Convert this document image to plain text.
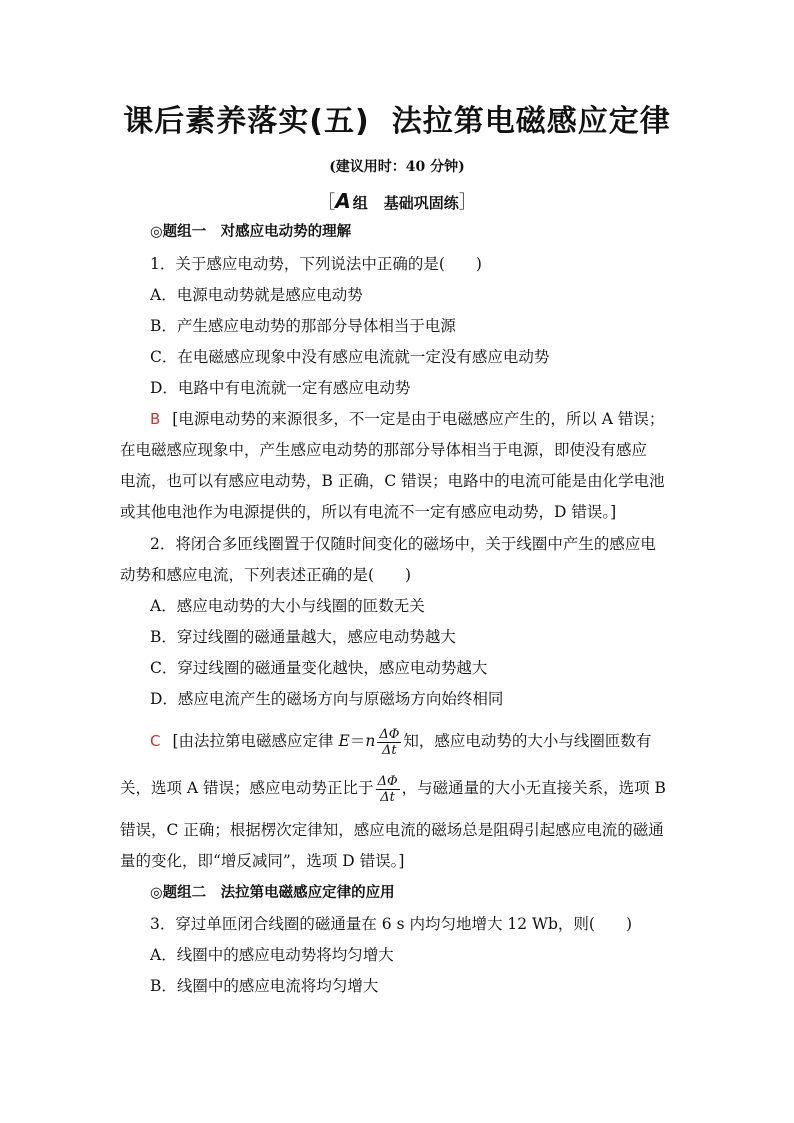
课后素养落实(五) 法拉第电磁感应定律
(建议用时：40 分钟)
［A 组 基础巩固练］
◎题组一　对感应电动势的理解
1．关于感应电动势，下列说法中正确的是(　　)
A．电源电动势就是感应电动势
B．产生感应电动势的那部分导体相当于电源
C．在电磁感应现象中没有感应电流就一定没有感应电动势
D．电路中有电流就一定有感应电动势
B [电源电动势的来源很多，不一定是由于电磁感应产生的，所以 A 错误；
在电磁感应现象中，产生感应电动势的那部分导体相当于电源，即使没有感应
电流，也可以有感应电动势，B 正确，C 错误；电路中的电流可能是由化学电池
或其他电池作为电源提供的，所以有电流不一定有感应电动势，D 错误。]
2．将闭合多匝线圈置于仅随时间变化的磁场中，关于线圈中产生的感应电
动势和感应电流，下列表述正确的是(　　)
A．感应电动势的大小与线圈的匝数无关
B．穿过线圈的磁通量越大，感应电动势越大
C．穿过线圈的磁通量变化越快，感应电动势越大
D．感应电流产生的磁场方向与原磁场方向始终相同
C [由法拉第电磁感应定律 $E=n \frac{\Delta\Phi}{\Delta t}$ 知，感应电动势的大小与线圈匝数有
关，选项 A 错误；感应电动势正比于 $\frac{\Delta\Phi}{\Delta t}$ ，与磁通量的大小无直接关系，选项 B
错误，C 正确；根据楞次定律知，感应电流的磁场总是阻碍引起感应电流的磁通
量的变化，即“增反减同”，选项 D 错误。]
◎题组二　法拉第电磁感应定律的应用
3．穿过单匝闭合线圈的磁通量在 6 s 内均匀地增大 12 Wb，则(　　)
A．线圈中的感应电动势将均匀增大
B．线圈中的感应电流将均匀增大
